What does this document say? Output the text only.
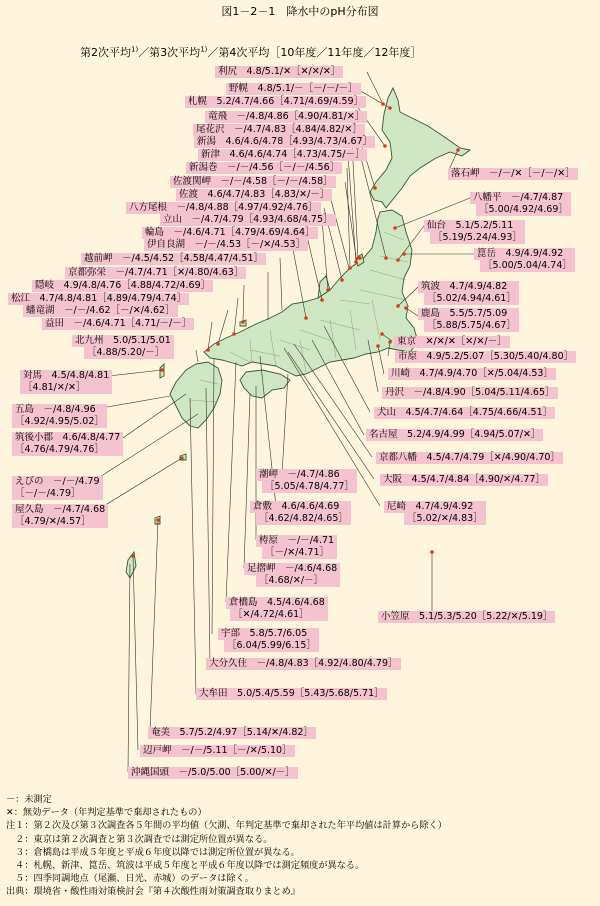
図1－2－1　降水中のpH分布図
第2次平均$^{1)}$／第3次平均$^{1)}$／第4次平均［10年度／11年度／12年度］
利尻　4.8/5.1/✕［✕/✕/✕］
野幌　4.8/5.1/－［－/－/－］
札幌　5.2/4.7/4.66［4.71/4.69/4.59］
竜飛　－/4.8/4.86［4.90/4.81/✕］
尾花沢　－/4.7/4.83［4.84/4.82/✕］
新潟　4.6/4.6/4.78［4.93/4.73/4.67］
新津　4.6/4.6/4.74［4.73/4.75/－］
新潟巻　－/－/4.56［－/－/4.56］
佐渡関岬　－/－/4.58［－/－/4.58］
佐渡　4.6/4.7/4.83［4.83/✕/－］
八方尾根　－/4.8/4.88［4.97/4.92/4.76］
立山　－/4.7/4.79［4.93/4.68/4.75］
輪島　－/4.6/4.71［4.79/4.69/4.64］
伊自良湖　－/－/4.53［－/✕/4.53］
越前岬　－/4.5/4.52［4.58/4.47/4.51］
京都弥栄　－/4.7/4.71［✕/4.80/4.63］
隠岐　4.9/4.8/4.76［4.88/4.72/4.69］
松江　4.7/4.8/4.81［4.89/4.79/4.74］
蟠竜湖　－/－/4.62［－/✕/4.62］
益田　－/4.6/4.71［4.71/－/－］
北九州　5.0/5.1/5.01
［4.88/5.20/－］
対馬　4.5/4.8/4.81
［4.81/✕/✕］
五島　－/4.8/4.96
［4.92/4.95/5.02］
筑後小郡　4.6/4.8/4.77
［4.76/4.79/4.76］
えびの　－/－/4.79
［－/－/4.79］
屋久島　－/4.7/4.68
［4.79/✕/4.57］
落石岬　－/－/✕［－/－/✕］
八幡平　－/4.7/4.87
［5.00/4.92/4.69］
仙台　5.1/5.2/5.11
［5.19/5.24/4.93］
箟岳　4.9/4.9/4.92
［5.00/5.04/4.74］
筑波　4.7/4.9/4.82
［5.02/4.94/4.61］
鹿島　5.5/5.7/5.09
［5.88/5.75/4.67］
東京　✕/✕/✕［✕/✕/－］
市原　4.9/5.2/5.07［5.30/5.40/4.80］
川崎　4.7/4.9/4.70［✕/5.04/4.53］
丹沢　－/4.8/4.90［5.04/5.11/4.65］
犬山　4.5/4.7/4.64［4.75/4.66/4.51］
名古屋　5.2/4.9/4.99［4.94/5.07/✕］
京都八幡　4.5/4.7/4.79［✕/4.90/4.70］
大阪　4.5/4.7/4.84［4.90/✕/4.77］
尼崎　4.7/4.9/4.92
［5.02/✕/4.83］
小笠原　5.1/5.3/5.20［5.22/✕/5.19］
潮岬　－/4.7/4.86
［5.05/4.78/4.77］
倉敷　4.6/4.6/4.69
［4.62/4.82/4.65］
梼原　－/－/4.71
［－/✕/4.71］
足摺岬　－/4.6/4.68
［4.68/✕/－］
倉橋島　4.5/4.6/4.68
［✕/4.72/4.61］
宇部　5.8/5.7/6.05
［6.04/5.99/6.15］
大分久住　－/4.8/4.83［4.92/4.80/4.79］
大牟田　5.0/5.4/5.59［5.43/5.68/5.71］
奄美　5.7/5.2/4.97［5.14/✕/4.82］
辺戸岬　－/－/5.11［－/✕/5.10］
沖縄国頭　－/5.0/5.00［5.00/✕/－］
－：未測定
✕：無効データ（年判定基準で棄却されたもの）
注１：第２次及び第３次調査各５年間の平均値（欠測、年判定基準で棄却された年平均値は計算から除く）
　２：東京は第２次調査と第３次調査では測定所位置が異なる。
　３：倉橋島は平成５年度と平成６年度以降では測定所位置が異なる。
　４：札幌、新津、箟岳、筑波は平成５年度と平成６年度以降では測定頻度が異なる。
　５：四季同調地点（尾瀬、日光、赤城）のデータは除く。
出典：環境省・酸性雨対策検討会『第４次酸性雨対策調査取りまとめ』
